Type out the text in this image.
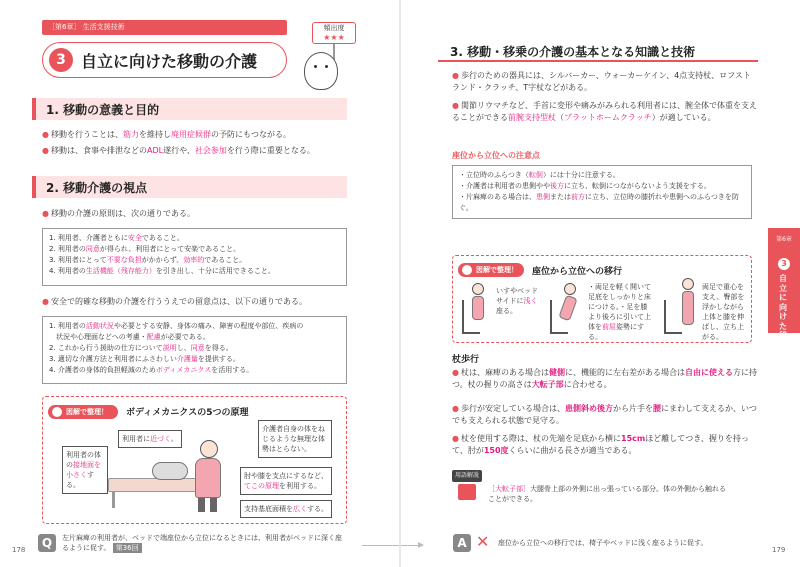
［第6章］ 生活支援技術	頻出度
★★★
3 自立に向けた移動の介護
1. 移動の意義と目的
● 移動を行うことは、筋力を維持し廃用症候群の予防にもつながる。
● 移動は、食事や排泄などのADL遂行や、社会参加を行う際に重要となる。
2. 移動介護の視点
● 移動の介護の原則は、次の通りである。
1. 利用者、介護者ともに安全であること。
2. 利用者の同意が得られ、利用者にとって安楽であること。
3. 利用者にとって不要な負担がかからず、効率的であること。
4. 利用者の生活機能（残存能力）を引き出し、十分に活用できること。
● 安全で的確な移動の介護を行ううえでの留意点は、以下の通りである。
1. 利用者の活動状況や必要とする安静、身体の痛み、障害の程度や部位、疾病の
　状況や心理面などへの考慮・配慮が必要である。
2. これから行う援助の仕方について説明し、同意を得る。
3. 適切な介護方法と利用者にふさわしい介護量を提供する。
4. 介護者の身体的負担軽減のためボディメカニクスを活用する。
図解で整理！	ボディメカニクスの5つの原理
利用者に近づく。
利用者の体の接地面を小さくする。
介護者自身の体をねじるような無理な体勢はとらない。
肘や膝を支点にするなど、てこの原理を利用する。
支持基底面積を広くする。
Q	左片麻痺の利用者が、ベッドで端座位から立位になるときには、利用者がベッドに深く座るように促す。 第36回
178
3. 移動・移乗の介護の基本となる知識と技術
● 歩行のための器具には、シルバーカー、ウォーカーケイン、4点支持杖、ロフストランド・クラッチ、T字杖などがある。
● 関節リウマチなど、手首に変形や痛みがみられる利用者には、腕全体で体重を支えることができる前腕支持型杖（プラットホームクラッチ）が適している。
座位から立位への注意点
・立位時のふらつき（転倒）には十分に注意する。
・介護者は利用者の患側やや後方に立ち、転倒につながらないよう支援をする。
・片麻痺のある場合は、患側または前方に立ち、立位時の膝折れや患側へのふらつきを防ぐ。
図解で整理！	座位から立位への移行
いすやベッドサイドに浅く座る。
・両足を軽く開いて足底をしっかりと床につける。・足を膝より後ろに引いて上体を前屈姿勢にする。
両足で重心を支え、臀部を浮かしながら上体と膝を伸ばし、立ち上がる。
杖歩行
● 杖は、麻痺のある場合は健側に、機能的に左右差がある場合は自由に使える方に持つ。杖の握りの高さは大転子部に合わせる。
● 歩行が安定している場合は、患側斜め後方から片手を腰にまわして支えるか、いつでも支えられる状態で見守る。
● 杖を使用する際は、杖の先端を足底から横に15cmほど離してつき、握りを持って、肘が150度くらいに曲がる長さが適当である。
用語解説
［大転子部］大腿骨上部の外側に出っ張っている部分。体の外側から触れることができる。
179
第6章
3
自立に向けた移動の介護
A ✕ 座位から立位への移行では、椅子やベッドに浅く座るように促す。
